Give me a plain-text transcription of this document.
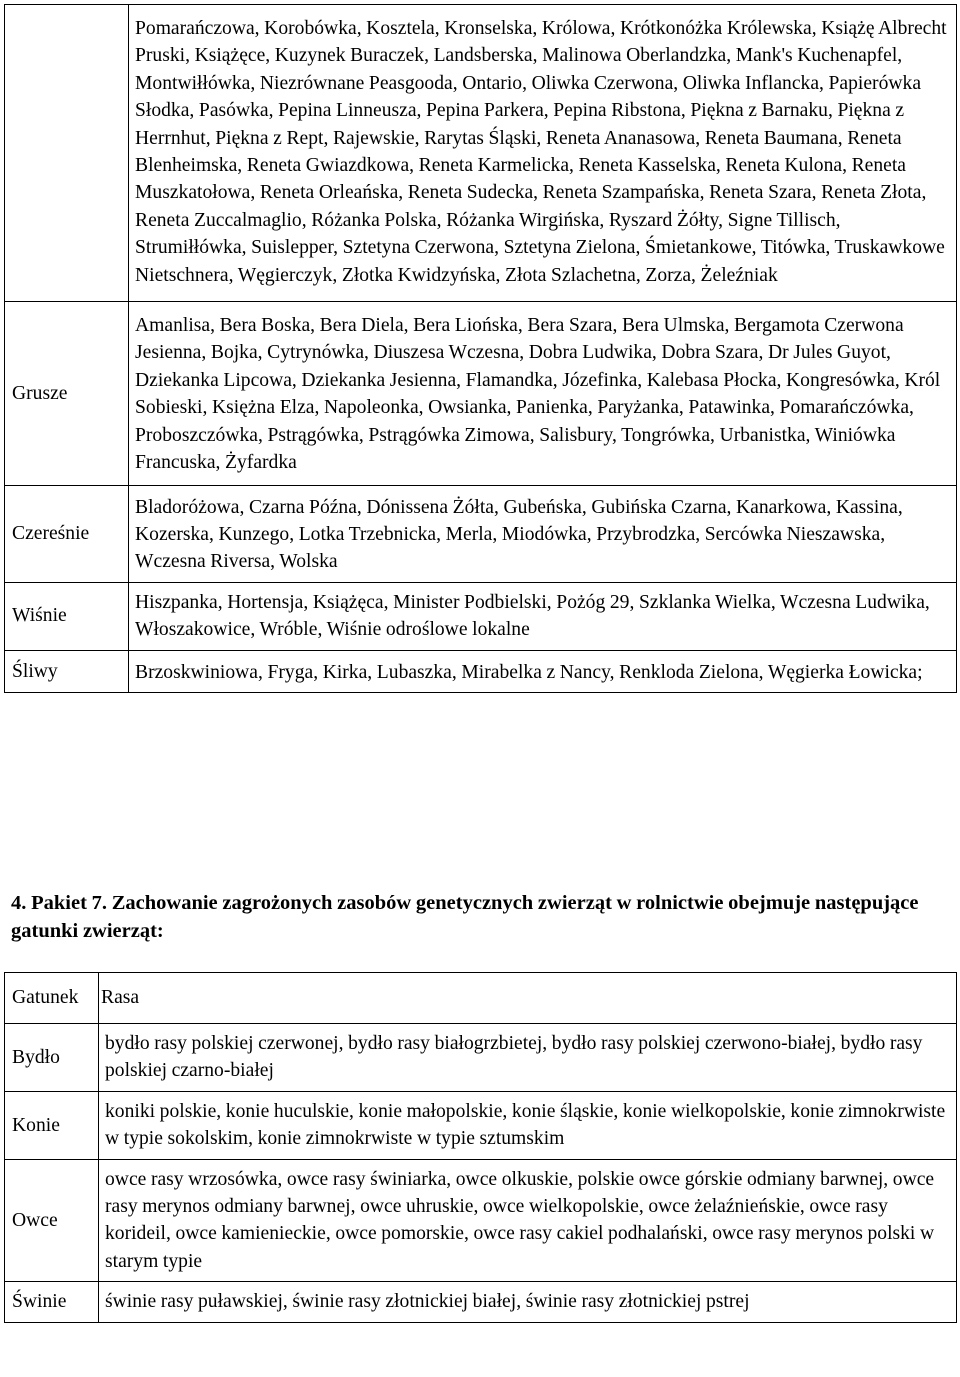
	Pomarańczowa, Korobówka, Kosztela, Kronselska, Królowa, Krótkonóżka Królewska, Książę Albrecht Pruski, Książęce, Kuzynek Buraczek, Landsberska, Malinowa Oberlandzka, Mank's Kuchenapfel, Montwiłłówka, Niezrównane Peasgooda, Ontario, Oliwka Czerwona, Oliwka Inflancka, Papierówka Słodka, Pasówka, Pepina Linneusza, Pepina Parkera, Pepina Ribstona, Piękna z Barnaku, Piękna z Herrnhut, Piękna z Rept, Rajewskie, Rarytas Śląski, Reneta Ananasowa, Reneta Baumana, Reneta Blenheimska, Reneta Gwiazdkowa, Reneta Karmelicka, Reneta Kasselska, Reneta Kulona, Reneta Muszkatołowa, Reneta Orleańska, Reneta Sudecka, Reneta Szampańska, Reneta Szara, Reneta Złota, Reneta Zuccalmaglio, Różanka Polska, Różanka Wirgińska, Ryszard Żółty, Signe Tillisch, Strumiłłówka, Suislepper, Sztetyna Czerwona, Sztetyna Zielona, Śmietankowe, Titówka, Truskawkowe Nietschnera, Węgierczyk, Złotka Kwidzyńska, Złota Szlachetna, Zorza, Żeleźniak
Grusze	Amanlisa, Bera Boska, Bera Diela, Bera Liońska, Bera Szara, Bera Ulmska, Bergamota Czerwona Jesienna, Bojka, Cytrynówka, Diuszesa Wczesna, Dobra Ludwika, Dobra Szara, Dr Jules Guyot, Dziekanka Lipcowa, Dziekanka Jesienna, Flamandka, Józefinka, Kalebasa Płocka, Kongresówka, Król Sobieski, Księżna Elza, Napoleonka, Owsianka, Panienka, Paryżanka, Patawinka, Pomarańczówka, Proboszczówka, Pstrągówka, Pstrągówka Zimowa, Salisbury, Tongrówka, Urbanistka, Winiówka Francuska, Żyfardka
Czereśnie	Bladoróżowa, Czarna Późna, Dónissena Żółta, Gubeńska, Gubińska Czarna, Kanarkowa, Kassina, Kozerska, Kunzego, Lotka Trzebnicka, Merla, Miodówka, Przybrodzka, Sercówka Nieszawska, Wczesna Riversa, Wolska
Wiśnie	Hiszpanka, Hortensja, Książęca, Minister Podbielski, Pożóg 29, Szklanka Wielka, Wczesna Ludwika, Włoszakowice, Wróble, Wiśnie odroślowe lokalne
Śliwy	Brzoskwiniowa, Fryga, Kirka, Lubaszka, Mirabelka z Nancy, Renkloda Zielona, Węgierka Łowicka;

4. Pakiet 7. Zachowanie zagrożonych zasobów genetycznych zwierząt w rolnictwie obejmuje następujące gatunki zwierząt:

Gatunek	Rasa
Bydło	bydło rasy polskiej czerwonej, bydło rasy białogrzbietej, bydło rasy polskiej czerwono-białej, bydło rasy polskiej czarno-białej
Konie	koniki polskie, konie huculskie, konie małopolskie, konie śląskie, konie wielkopolskie, konie zimnokrwiste w typie sokolskim, konie zimnokrwiste w typie sztumskim
Owce	owce rasy wrzosówka, owce rasy świniarka, owce olkuskie, polskie owce górskie odmiany barwnej, owce rasy merynos odmiany barwnej, owce uhruskie, owce wielkopolskie, owce żelaźnieńskie, owce rasy korideil, owce kamienieckie, owce pomorskie, owce rasy cakiel podhalański, owce rasy merynos polski w starym typie
Świnie	świnie rasy puławskiej, świnie rasy złotnickiej białej, świnie rasy złotnickiej pstrej
